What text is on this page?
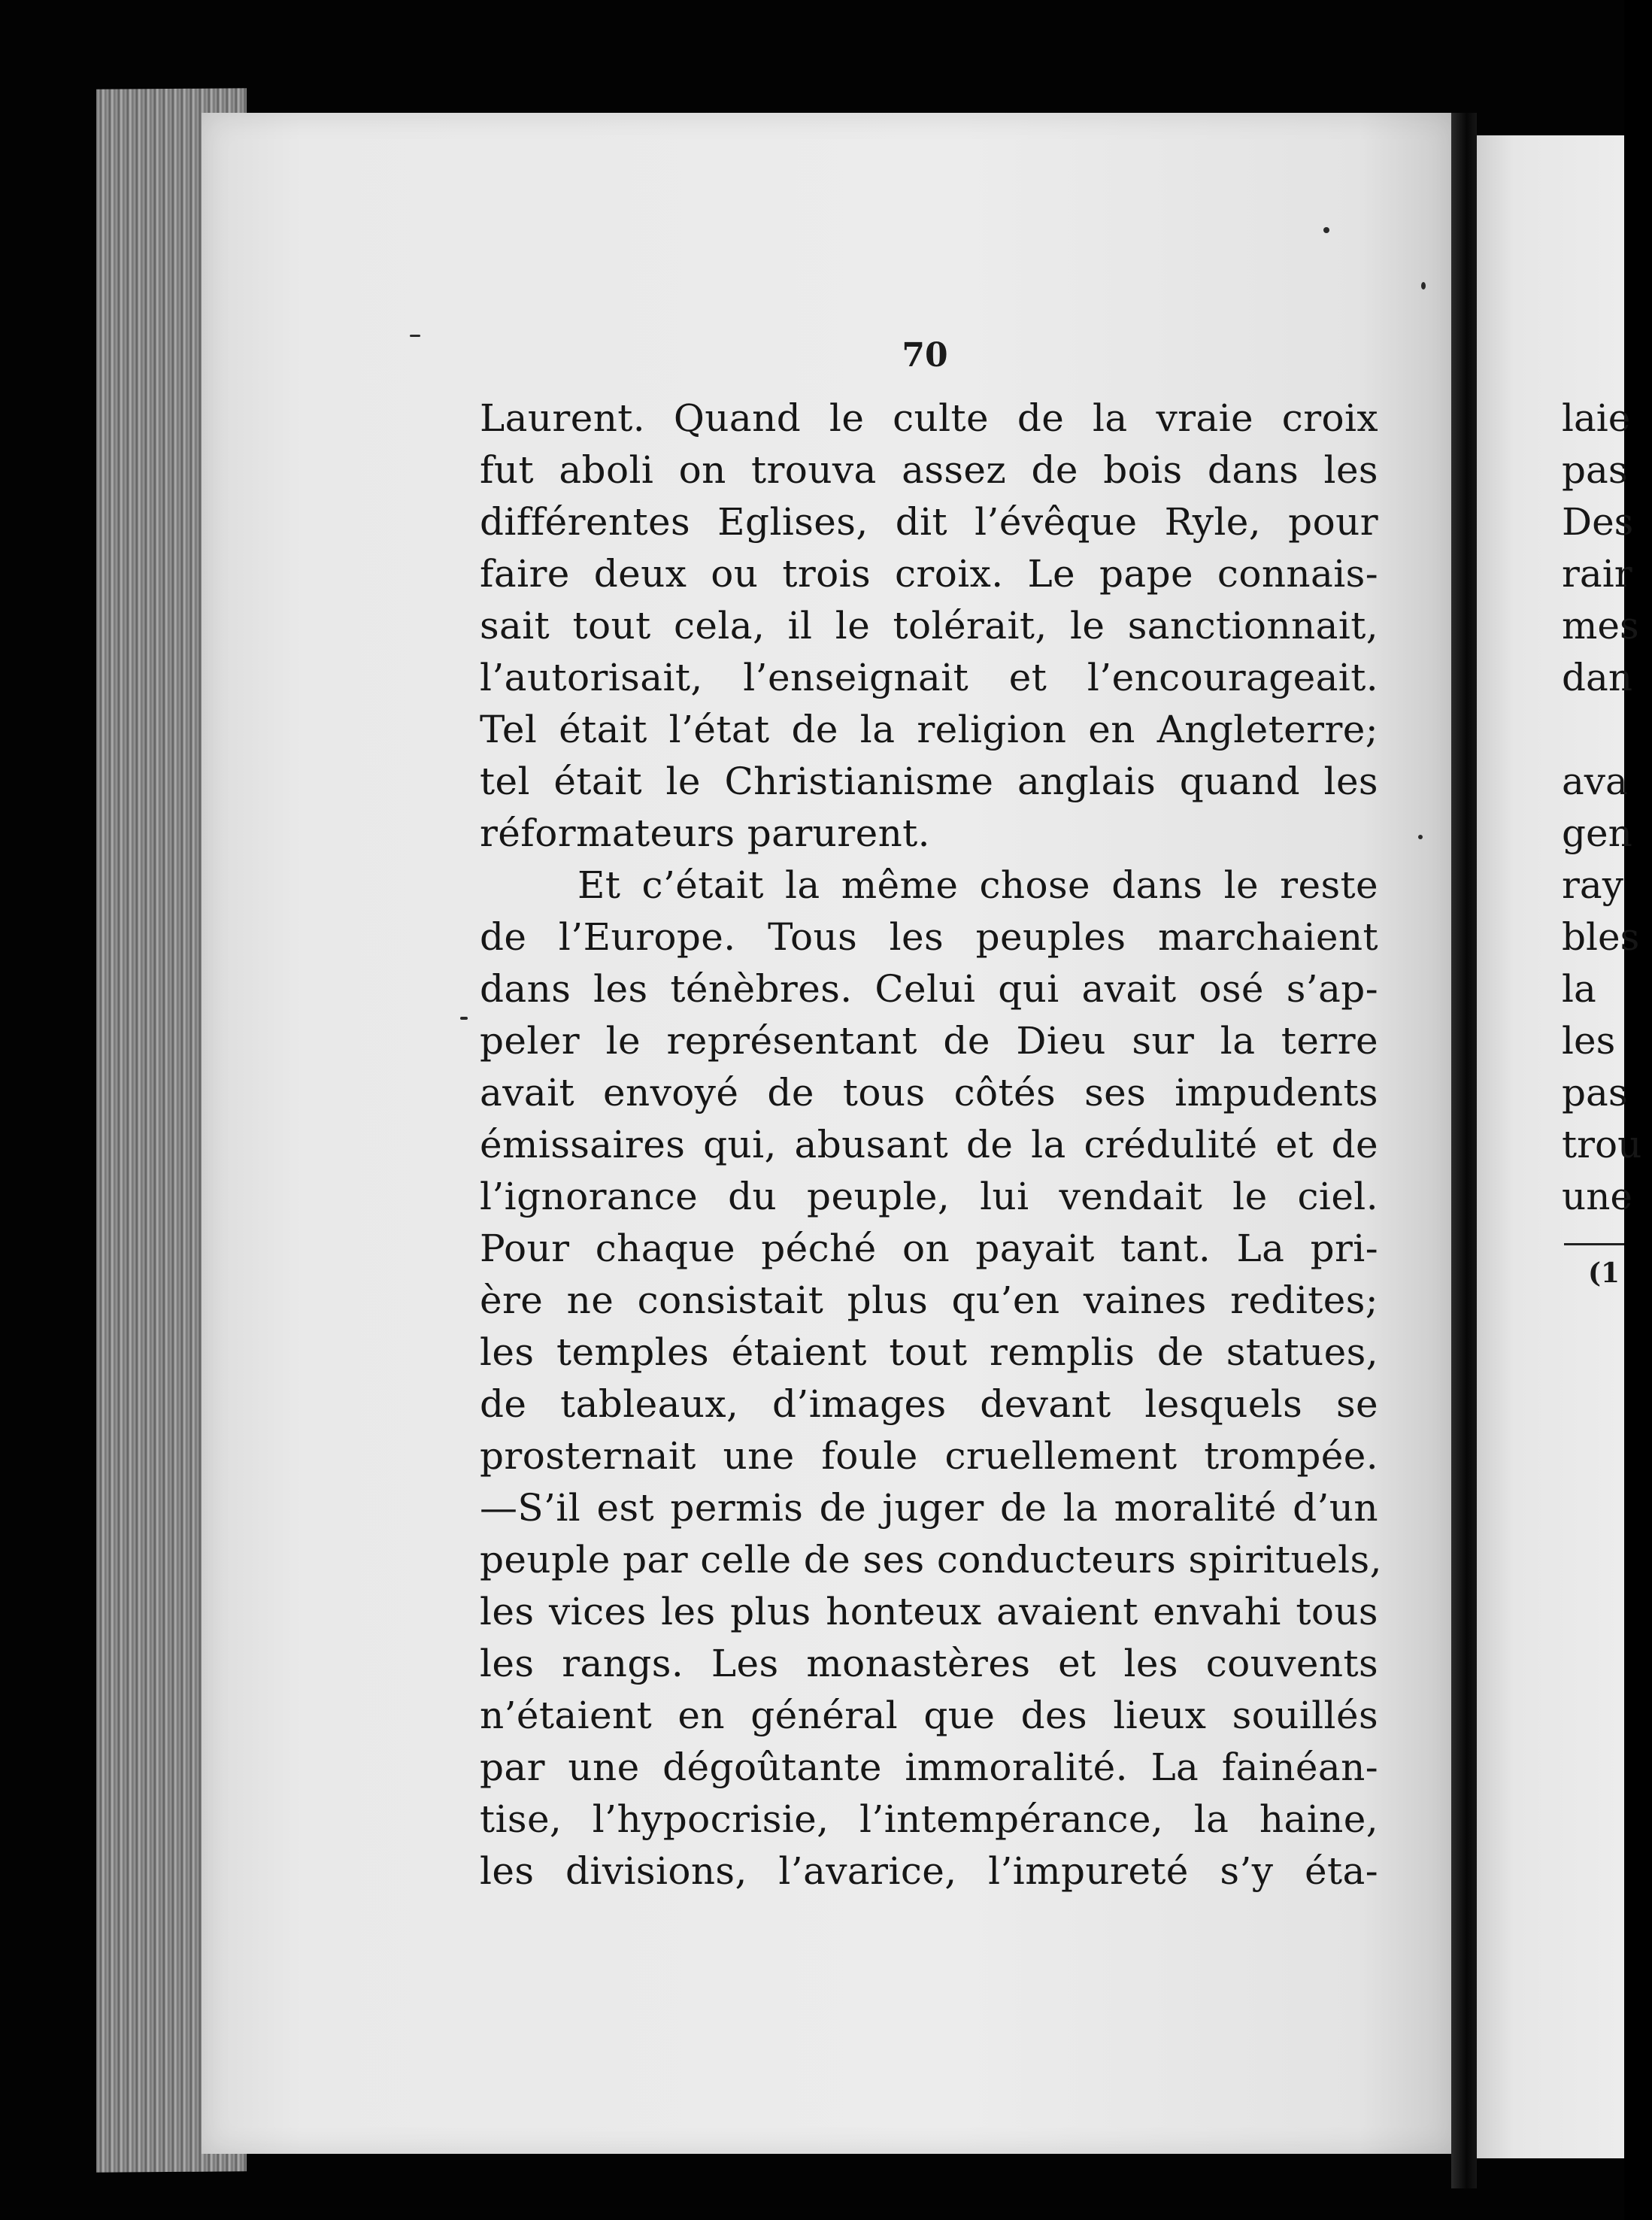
70
Laurent. Quand le culte de la vraie croix
fut aboli on trouva assez de bois dans les
différentes Eglises, dit l’évêque Ryle, pour
faire deux ou trois croix. Le pape connais-
sait tout cela, il le tolérait, le sanctionnait,
l’autorisait, l’enseignait et l’encourageait.
Tel était l’état de la religion en Angleterre;
tel était le Christianisme anglais quand les
réformateurs parurent.
Et c’était la même chose dans le reste
de l’Europe. Tous les peuples marchaient
dans les ténèbres. Celui qui avait osé s’ap-
peler le représentant de Dieu sur la terre
avait envoyé de tous côtés ses impudents
émissaires qui, abusant de la crédulité et de
l’ignorance du peuple, lui vendait le ciel.
Pour chaque péché on payait tant. La pri-
ère ne consistait plus qu’en vaines redites;
les temples étaient tout remplis de statues,
de tableaux, d’images devant lesquels se
prosternait une foule cruellement trompée.
—S’il est permis de juger de la moralité d’un
peuple par celle de ses conducteurs spirituels,
les vices les plus honteux avaient envahi tous
les rangs. Les monastères et les couvents
n’étaient en général que des lieux souillés
par une dégoûtante immoralité. La fainéan-
tise, l’hypocrisie, l’intempérance, la haine,
les divisions, l’avarice, l’impureté s’y éta-
laie
pas
Des
rair
mes
dan
ava
gen
ray
bles
la
les
pas
trou
une
(1
